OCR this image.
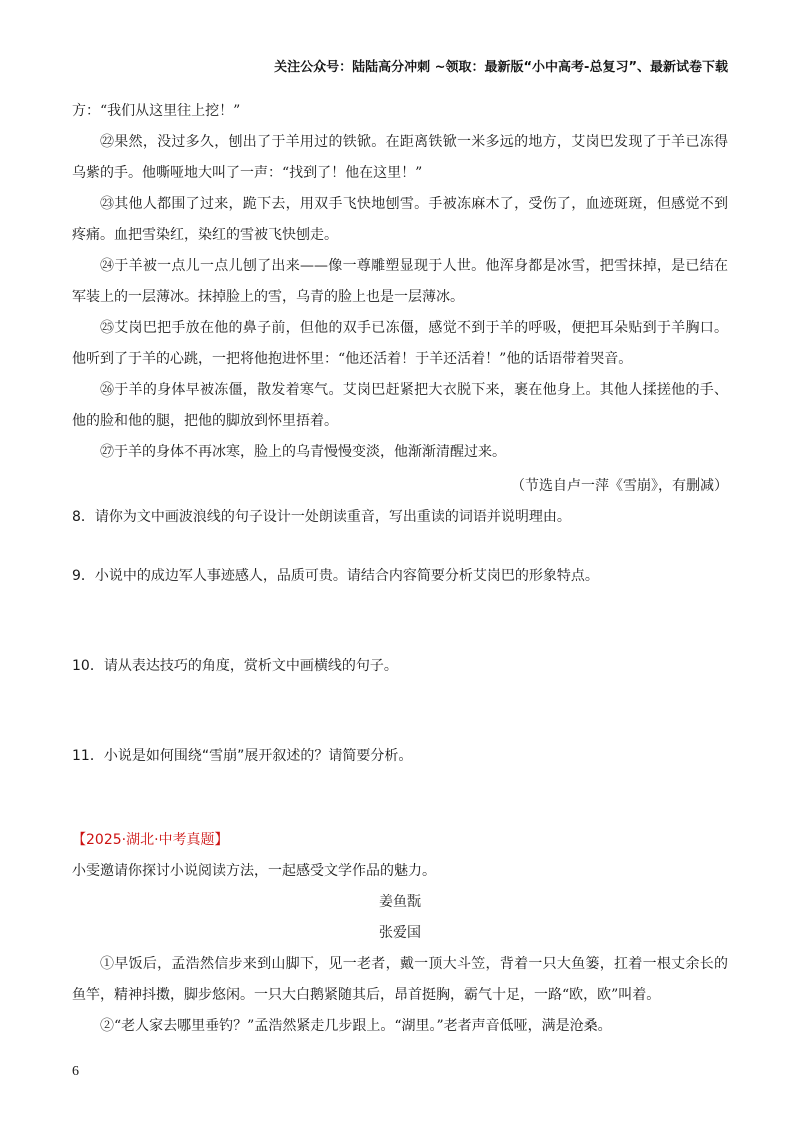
关注公众号：陆陆高分冲刺 ~领取：最新版“小中高考-总复习”、最新试卷下载

方：“我们从这里往上挖！”

㉒果然，没过多久，刨出了于羊用过的铁锨。在距离铁锨一米多远的地方，艾岗巴发现了于羊已冻得乌紫的手。他嘶哑地大叫了一声：“找到了！他在这里！”

㉓其他人都围了过来，跪下去，用双手飞快地刨雪。手被冻麻木了，受伤了，血迹斑斑，但感觉不到疼痛。血把雪染红，染红的雪被飞快刨走。

㉔于羊被一点儿一点儿刨了出来——像一尊雕塑显现于人世。他浑身都是冰雪，把雪抹掉，是已结在军装上的一层薄冰。抹掉脸上的雪，乌青的脸上也是一层薄冰。

㉕艾岗巴把手放在他的鼻子前，但他的双手已冻僵，感觉不到于羊的呼吸，便把耳朵贴到于羊胸口。他听到了于羊的心跳，一把将他抱进怀里：“他还活着！于羊还活着！”他的话语带着哭音。

㉖于羊的身体早被冻僵，散发着寒气。艾岗巴赶紧把大衣脱下来，裹在他身上。其他人揉搓他的手、他的脸和他的腿，把他的脚放到怀里捂着。

㉗于羊的身体不再冰寒，脸上的乌青慢慢变淡，他渐渐清醒过来。

（节选自卢一萍《雪崩》，有删减）

8．请你为文中画波浪线的句子设计一处朗读重音，写出重读的词语并说明理由。

9．小说中的成边军人事迹感人，品质可贵。请结合内容简要分析艾岗巴的形象特点。

10．请从表达技巧的角度，赏析文中画横线的句子。

11．小说是如何围绕“雪崩”展开叙述的？请简要分析。

【2025·湖北·中考真题】

小雯邀请你探讨小说阅读方法，一起感受文学作品的魅力。

姜鱼翫

张爱国

①早饭后，孟浩然信步来到山脚下，见一老者，戴一顶大斗笠，背着一只大鱼篓，扛着一根丈余长的鱼竿，精神抖擞，脚步悠闲。一只大白鹅紧随其后，昂首挺胸，霸气十足，一路“欧，欧”叫着。

②“老人家去哪里垂钓？”孟浩然紧走几步跟上。“湖里。”老者声音低哑，满是沧桑。

6
